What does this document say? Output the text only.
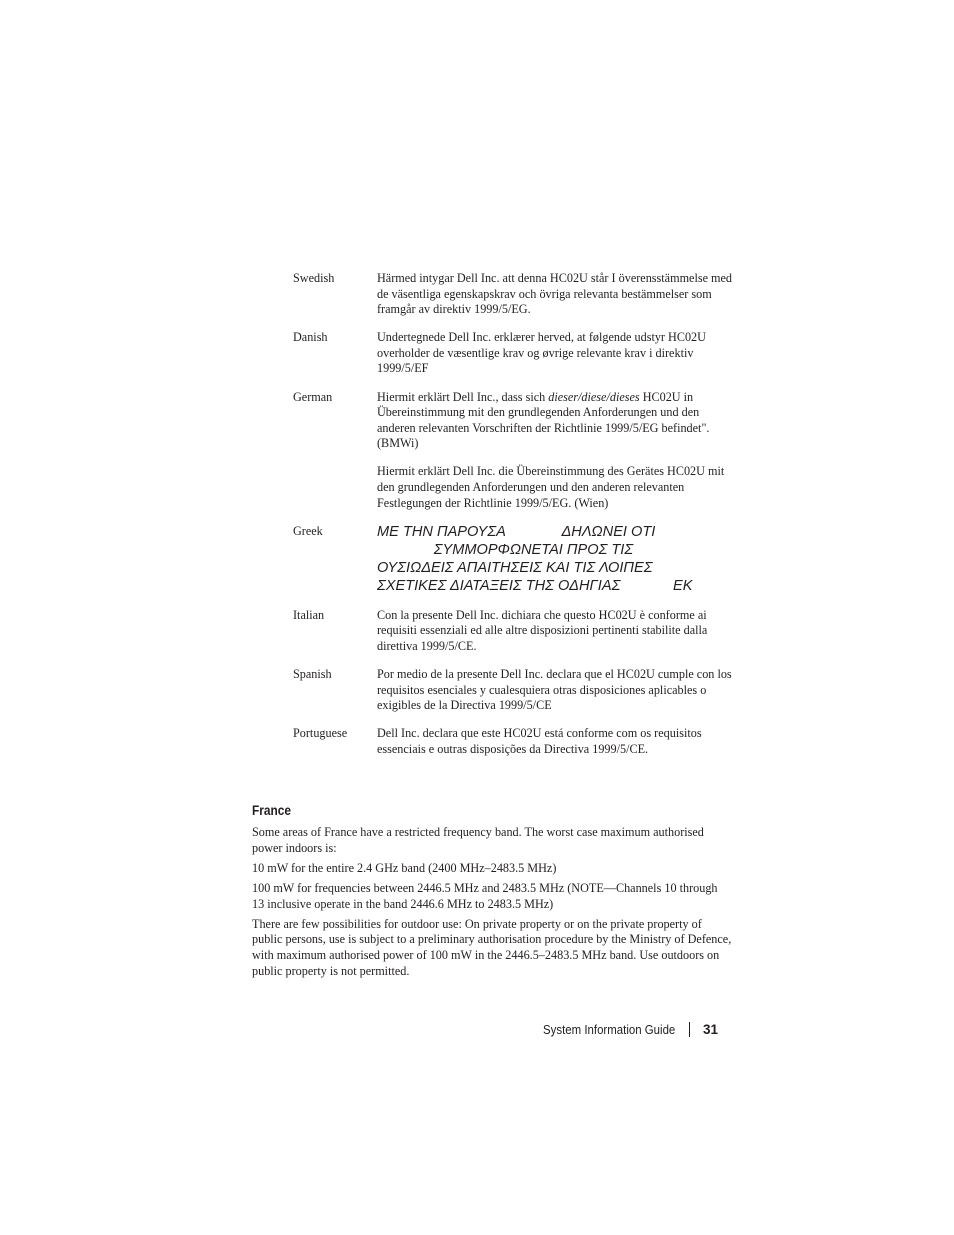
Swedish	Härmed intygar Dell Inc. att denna HC02U står I överensstämmelse med de väsentliga egenskapskrav och övriga relevanta bestämmelser som framgår av direktiv 1999/5/EG.

Danish	Undertegnede Dell Inc. erklærer herved, at følgende udstyr HC02U overholder de væsentlige krav og øvrige relevante krav i direktiv 1999/5/EF

German	Hiermit erklärt Dell Inc., dass sich dieser/diese/dieses HC02U in Übereinstimmung mit den grundlegenden Anforderungen und den anderen relevanten Vorschriften der Richtlinie 1999/5/EG befindet". (BMWi)

Hiermit erklärt Dell Inc. die Übereinstimmung des Gerätes HC02U mit den grundlegenden Anforderungen und den anderen relevanten Festlegungen der Richtlinie 1999/5/EG. (Wien)

Greek	ΜΕ ΤΗΝ ΠΑΡΟΥΣΑ              ΔΗΛΩΝΕΙ ΟΤΙ
ΣΥΜΜΟΡΦΩΝΕΤΑΙ ΠΡΟΣ ΤΙΣ
ΟΥΣΙΩΔΕΙΣ ΑΠΑΙΤΗΣΕΙΣ ΚΑΙ ΤΙΣ ΛΟΙΠΕΣ
ΣΧΕΤΙΚΕΣ ΔΙΑΤΑΞΕΙΣ ΤΗΣ ΟΔΗΓΙΑΣ             ΕΚ
Italian	Con la presente Dell Inc. dichiara che questo HC02U è conforme ai requisiti essenziali ed alle altre disposizioni pertinenti stabilite dalla direttiva 1999/5/CE.

Spanish	Por medio de la presente Dell Inc. declara que el HC02U cumple con los requisitos esenciales y cualesquiera otras disposiciones aplicables o exigibles de la Directiva 1999/5/CE

Portuguese	Dell Inc. declara que este HC02U está conforme com os requisitos essenciais e outras disposições da Directiva 1999/5/CE.

France

Some areas of France have a restricted frequency band. The worst case maximum authorised power indoors is:

10 mW for the entire 2.4 GHz band (2400 MHz–2483.5 MHz)

100 mW for frequencies between 2446.5 MHz and 2483.5 MHz (NOTE—Channels 10 through 13 inclusive operate in the band 2446.6 MHz to 2483.5 MHz)

There are few possibilities for outdoor use: On private property or on the private property of public persons, use is subject to a preliminary authorisation procedure by the Ministry of Defence, with maximum authorised power of 100 mW in the 2446.5–2483.5 MHz band. Use outdoors on public property is not permitted.

System Information Guide 31
